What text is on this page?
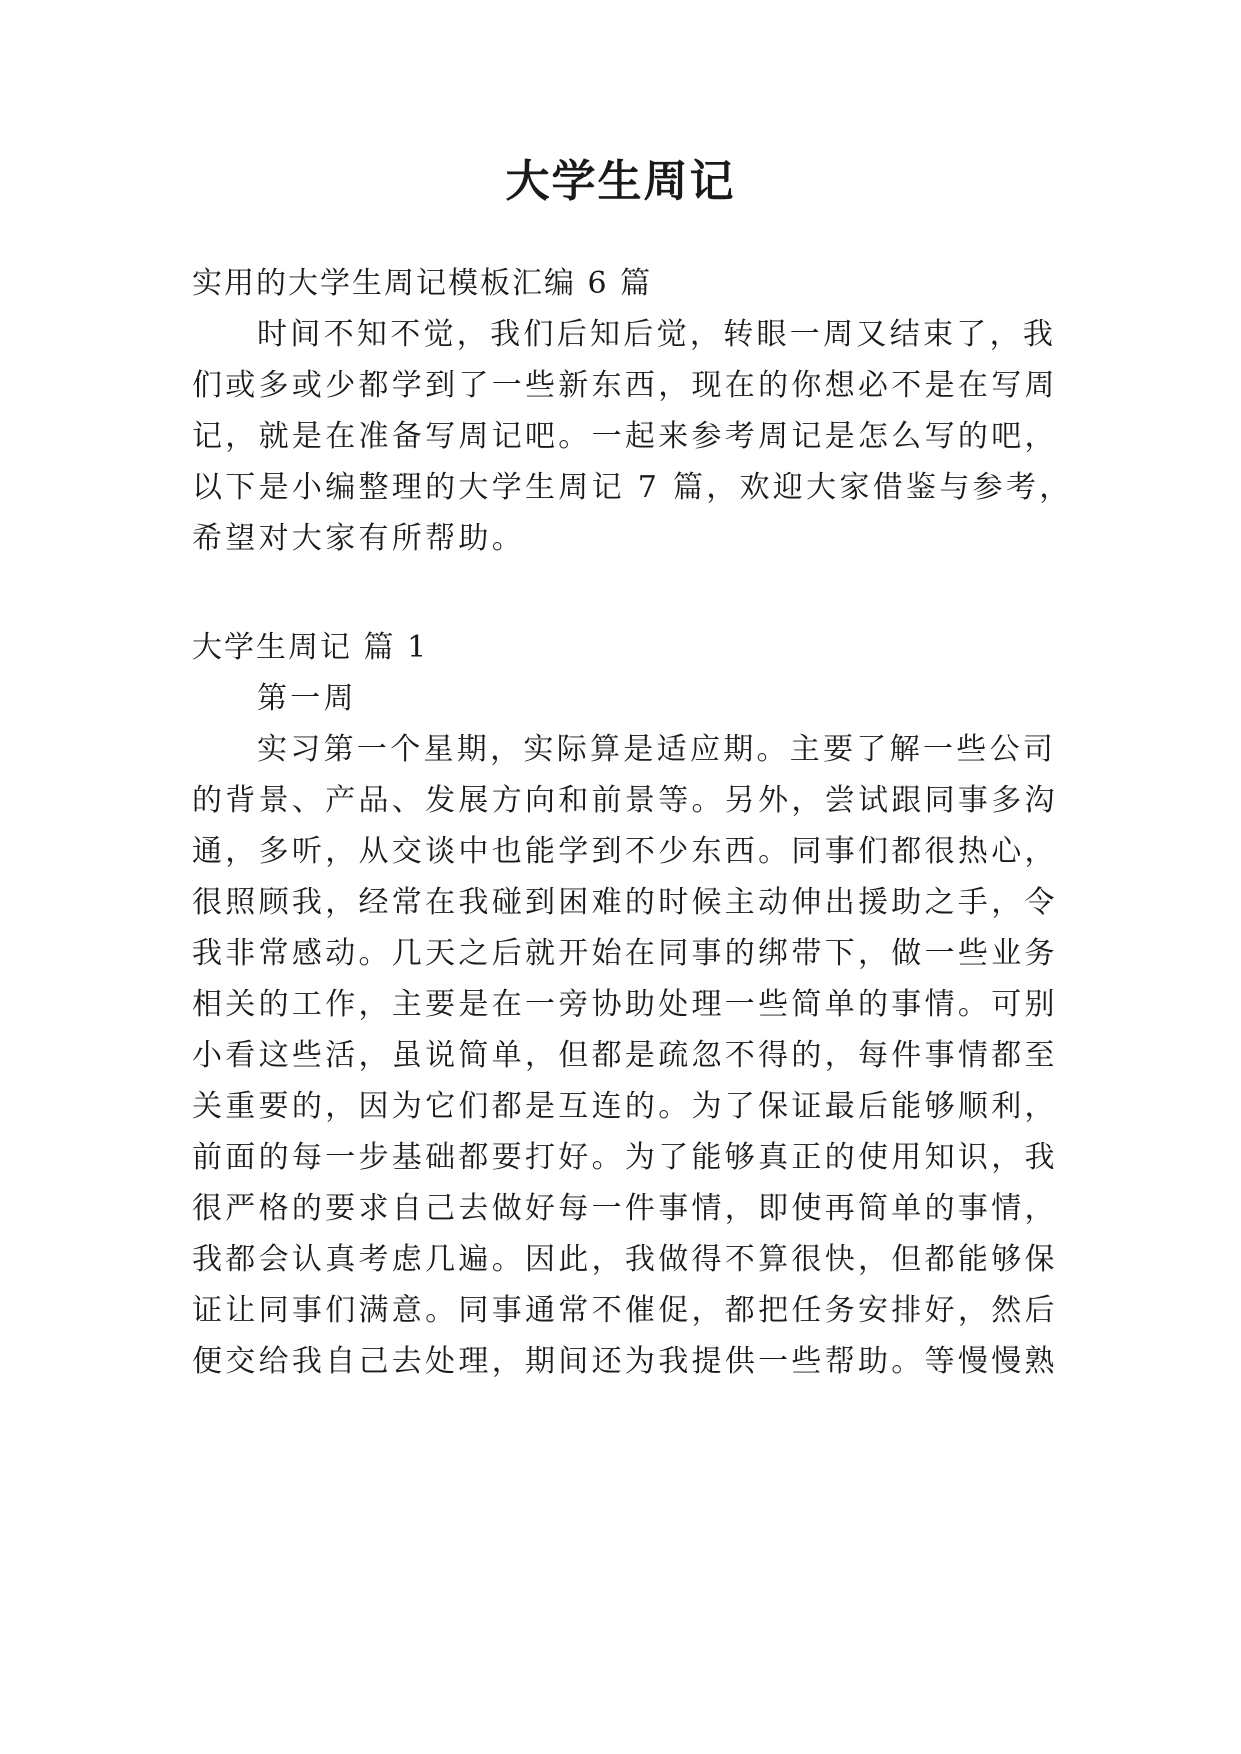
大学生周记

实用的大学生周记模板汇编 6 篇

时间不知不觉，我们后知后觉，转眼一周又结束了，我

们或多或少都学到了一些新东西，现在的你想必不是在写周

记，就是在准备写周记吧。一起来参考周记是怎么写的吧，

以下是小编整理的大学生周记 7 篇，欢迎大家借鉴与参考，

希望对大家有所帮助。

大学生周记 篇 1

第一周

实习第一个星期，实际算是适应期。主要了解一些公司

的背景、产品、发展方向和前景等。另外，尝试跟同事多沟

通，多听，从交谈中也能学到不少东西。同事们都很热心，

很照顾我，经常在我碰到困难的时候主动伸出援助之手，令

我非常感动。几天之后就开始在同事的绑带下，做一些业务

相关的工作，主要是在一旁协助处理一些简单的事情。可别

小看这些活，虽说简单，但都是疏忽不得的，每件事情都至

关重要的，因为它们都是互连的。为了保证最后能够顺利，

前面的每一步基础都要打好。为了能够真正的使用知识，我

很严格的要求自己去做好每一件事情，即使再简单的事情，

我都会认真考虑几遍。因此，我做得不算很快，但都能够保

证让同事们满意。同事通常不催促，都把任务安排好，然后

便交给我自己去处理，期间还为我提供一些帮助。等慢慢熟
